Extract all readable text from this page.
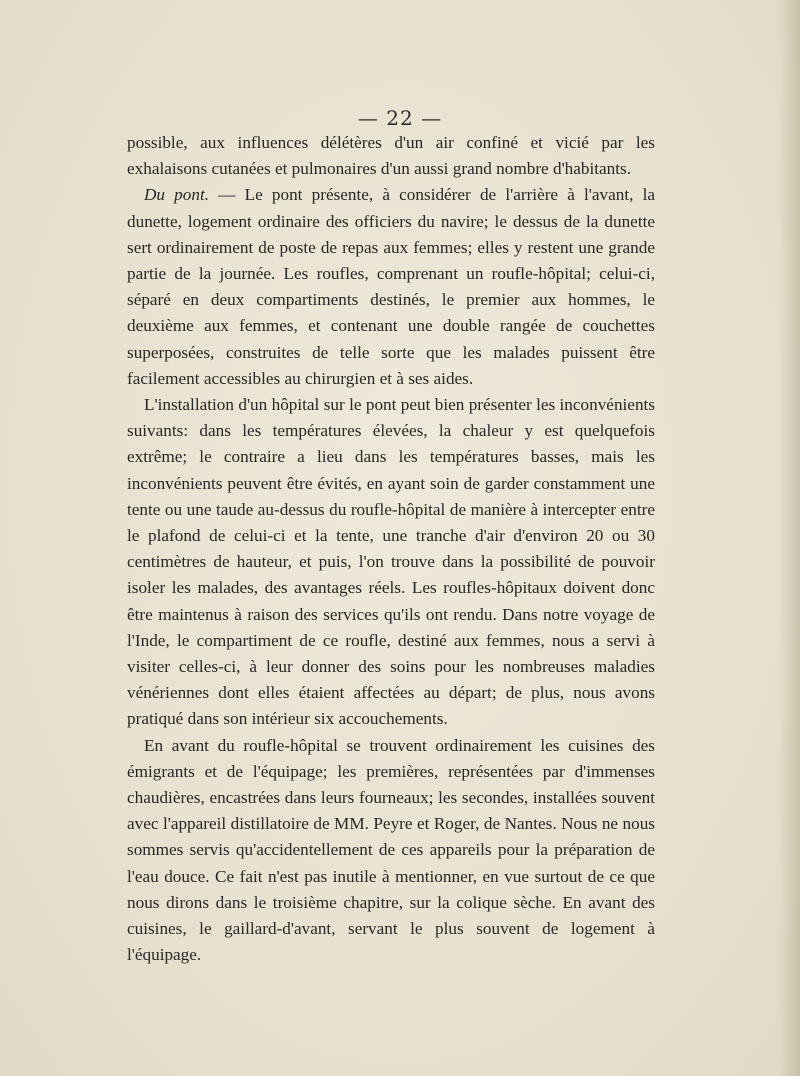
— 22 —

possible, aux influences délétères d'un air confiné et vicié par les exhalaisons cutanées et pulmonaires d'un aussi grand nombre d'habitants.

Du pont. — Le pont présente, à considérer de l'arrière à l'avant, la dunette, logement ordinaire des officiers du navire; le dessus de la dunette sert ordinairement de poste de repas aux femmes; elles y restent une grande partie de la journée. Les roufles, comprenant un roufle-hôpital; celui-ci, séparé en deux compartiments destinés, le premier aux hommes, le deuxième aux femmes, et contenant une double rangée de couchettes superposées, construites de telle sorte que les malades puissent être facilement accessibles au chirurgien et à ses aides.

L'installation d'un hôpital sur le pont peut bien présenter les inconvénients suivants: dans les températures élevées, la chaleur y est quelquefois extrême; le contraire a lieu dans les températures basses, mais les inconvénients peuvent être évités, en ayant soin de garder constamment une tente ou une taude au-dessus du roufle-hôpital de manière à intercepter entre le plafond de celui-ci et la tente, une tranche d'air d'environ 20 ou 30 centimètres de hauteur, et puis, l'on trouve dans la possibilité de pouvoir isoler les malades, des avantages réels. Les roufles-hôpitaux doivent donc être maintenus à raison des services qu'ils ont rendu. Dans notre voyage de l'Inde, le compartiment de ce roufle, destiné aux femmes, nous a servi à visiter celles-ci, à leur donner des soins pour les nombreuses maladies vénériennes dont elles étaient affectées au départ; de plus, nous avons pratiqué dans son intérieur six accouchements.

En avant du roufle-hôpital se trouvent ordinairement les cuisines des émigrants et de l'équipage; les premières, représentées par d'immenses chaudières, encastrées dans leurs fourneaux; les secondes, installées souvent avec l'appareil distillatoire de MM. Peyre et Roger, de Nantes. Nous ne nous sommes servis qu'accidentellement de ces appareils pour la préparation de l'eau douce. Ce fait n'est pas inutile à mentionner, en vue surtout de ce que nous dirons dans le troisième chapitre, sur la colique sèche. En avant des cuisines, le gaillard-d'avant, servant le plus souvent de logement à l'équipage.
